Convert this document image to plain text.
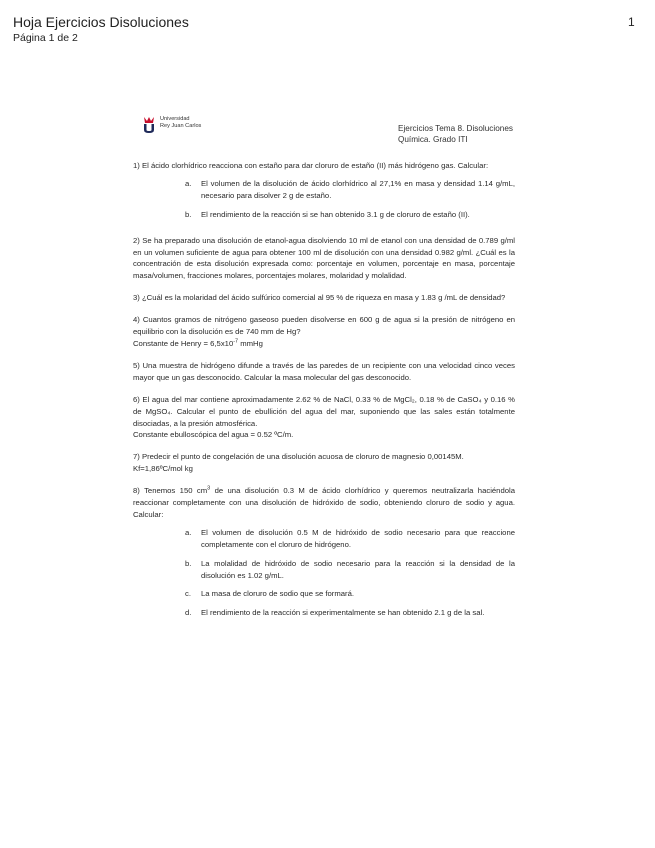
Hoja Ejercicios Disoluciones
Página 1 de 2
1
Universidad
Rey Juan Carlos	Ejercicios Tema 8. Disoluciones
Química. Grado ITI
1) El ácido clorhídrico reacciona con estaño para dar cloruro de estaño (II) más hidrógeno gas. Calcular:
a.	El volumen de la disolución de ácido clorhídrico al 27,1% en masa y densidad 1.14 g/mL, necesario para disolver 2 g de estaño.
b.	El rendimiento de la reacción si se han obtenido 3.1 g de cloruro de estaño (II).
2) Se ha preparado una disolución de etanol-agua disolviendo 10 ml de etanol con una densidad de 0.789 g/ml en un volumen suficiente de agua para obtener 100 ml de disolución con una densidad 0.982 g/ml. ¿Cuál es la concentración de esta disolución expresada como: porcentaje en volumen, porcentaje en masa, porcentaje masa/volumen, fracciones molares, porcentajes molares, molaridad y molalidad.
3) ¿Cuál es la molaridad del ácido sulfúrico comercial al 95 % de riqueza en masa y 1.83 g /mL de densidad?
4) Cuantos gramos de nitrógeno gaseoso pueden disolverse en 600 g de agua si la presión de nitrógeno en equilibrio con la disolución es de 740 mm de Hg?
Constante de Henry = $6,5x10^{-7}$ mmHg
5) Una muestra de hidrógeno difunde a través de las paredes de un recipiente con una velocidad cinco veces mayor que un gas desconocido. Calcular la masa molecular del gas desconocido.
6) El agua del mar contiene aproximadamente 2.62 % de NaCl, 0.33 % de MgCl₂, 0.18 % de CaSO₄ y 0.16 % de MgSO₄. Calcular el punto de ebullición del agua del mar, suponiendo que las sales están totalmente disociadas, a la presión atmosférica.
Constante ebulloscópica del agua = 0.52 ºC/m.
7) Predecir el punto de congelación de una disolución acuosa de cloruro de magnesio 0,00145M.
Kf=1,86ºC/mol kg
8) Tenemos 150 $cm^3$ de una disolución 0.3 M de ácido clorhídrico y queremos neutralizarla haciéndola reaccionar completamente con una disolución de hidróxido de sodio, obteniendo cloruro de sodio y agua. Calcular:
a.	El volumen de disolución 0.5 M de hidróxido de sodio necesario para que reaccione completamente con el cloruro de hidrógeno.
b.	La molalidad de hidróxido de sodio necesario para la reacción si la densidad de la disolución es 1.02 g/mL.
c.	La masa de cloruro de sodio que se formará.
d.	El rendimiento de la reacción si experimentalmente se han obtenido 2.1 g de la sal.
